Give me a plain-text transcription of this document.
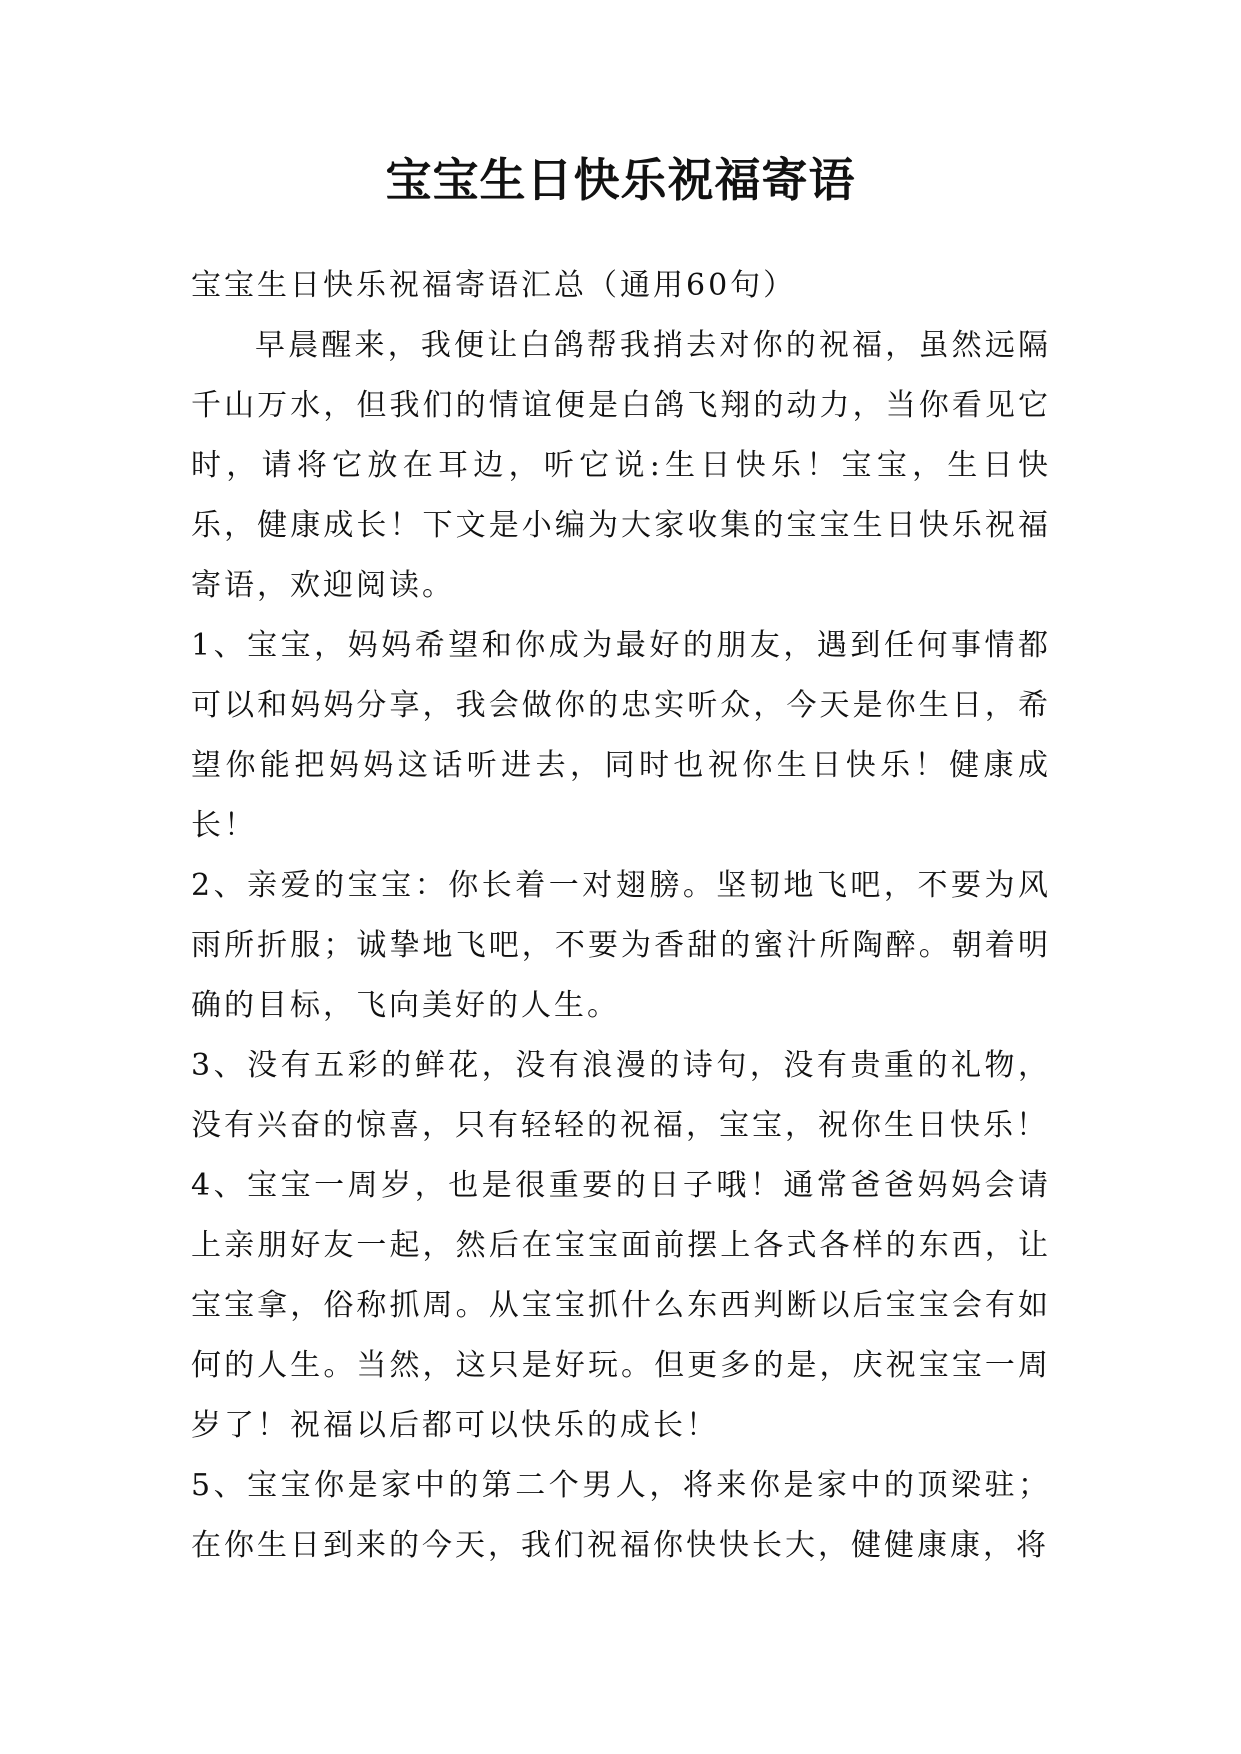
宝宝生日快乐祝福寄语

宝宝生日快乐祝福寄语汇总（通用60句）

早晨醒来，我便让白鸽帮我捎去对你的祝福，虽然远隔千山万水，但我们的情谊便是白鸽飞翔的动力，当你看见它时，请将它放在耳边，听它说:生日快乐！宝宝，生日快乐，健康成长！下文是小编为大家收集的宝宝生日快乐祝福寄语，欢迎阅读。

1、宝宝，妈妈希望和你成为最好的朋友，遇到任何事情都可以和妈妈分享，我会做你的忠实听众，今天是你生日，希望你能把妈妈这话听进去，同时也祝你生日快乐！健康成长！

2、亲爱的宝宝：你长着一对翅膀。坚韧地飞吧，不要为风雨所折服；诚挚地飞吧，不要为香甜的蜜汁所陶醉。朝着明确的目标，飞向美好的人生。

3、没有五彩的鲜花，没有浪漫的诗句，没有贵重的礼物，没有兴奋的惊喜，只有轻轻的祝福，宝宝，祝你生日快乐！

4、宝宝一周岁，也是很重要的日子哦！通常爸爸妈妈会请上亲朋好友一起，然后在宝宝面前摆上各式各样的东西，让宝宝拿，俗称抓周。从宝宝抓什么东西判断以后宝宝会有如何的人生。当然，这只是好玩。但更多的是，庆祝宝宝一周岁了！祝福以后都可以快乐的成长！

5、宝宝你是家中的第二个男人，将来你是家中的顶梁驻；在你生日到来的今天，我们祝福你快快长大，健健康康，将
